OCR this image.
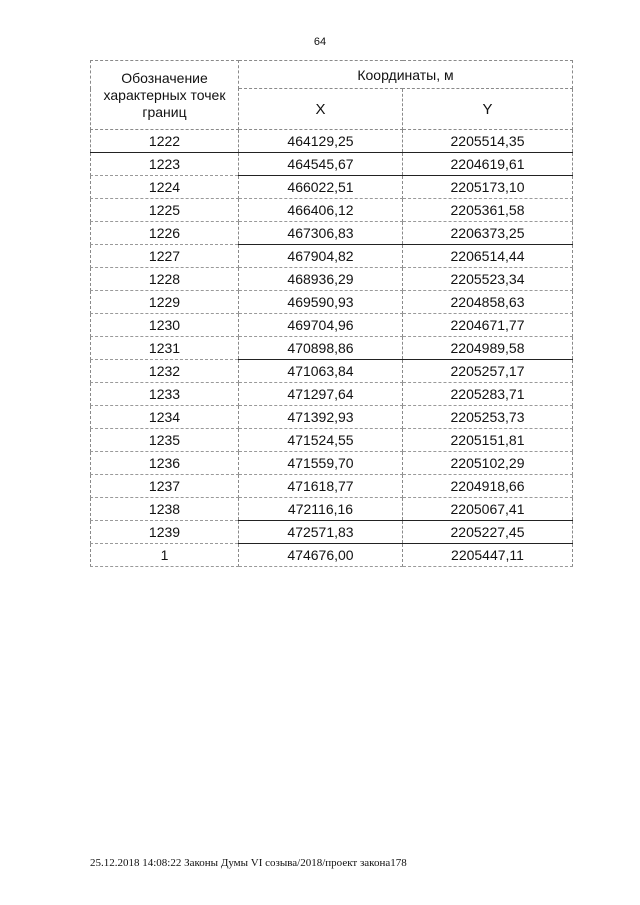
64
Обозначение характерных точек границ	Координаты, м	
	X	Y
1222	464129,25	2205514,35
1223	464545,67	2204619,61
1224	466022,51	2205173,10
1225	466406,12	2205361,58
1226	467306,83	2206373,25
1227	467904,82	2206514,44
1228	468936,29	2205523,34
1229	469590,93	2204858,63
1230	469704,96	2204671,77
1231	470898,86	2204989,58
1232	471063,84	2205257,17
1233	471297,64	2205283,71
1234	471392,93	2205253,73
1235	471524,55	2205151,81
1236	471559,70	2205102,29
1237	471618,77	2204918,66
1238	472116,16	2205067,41
1239	472571,83	2205227,45
1	474676,00	2205447,11
25.12.2018 14:08:22 Законы Думы VI созыва/2018/проект закона178
